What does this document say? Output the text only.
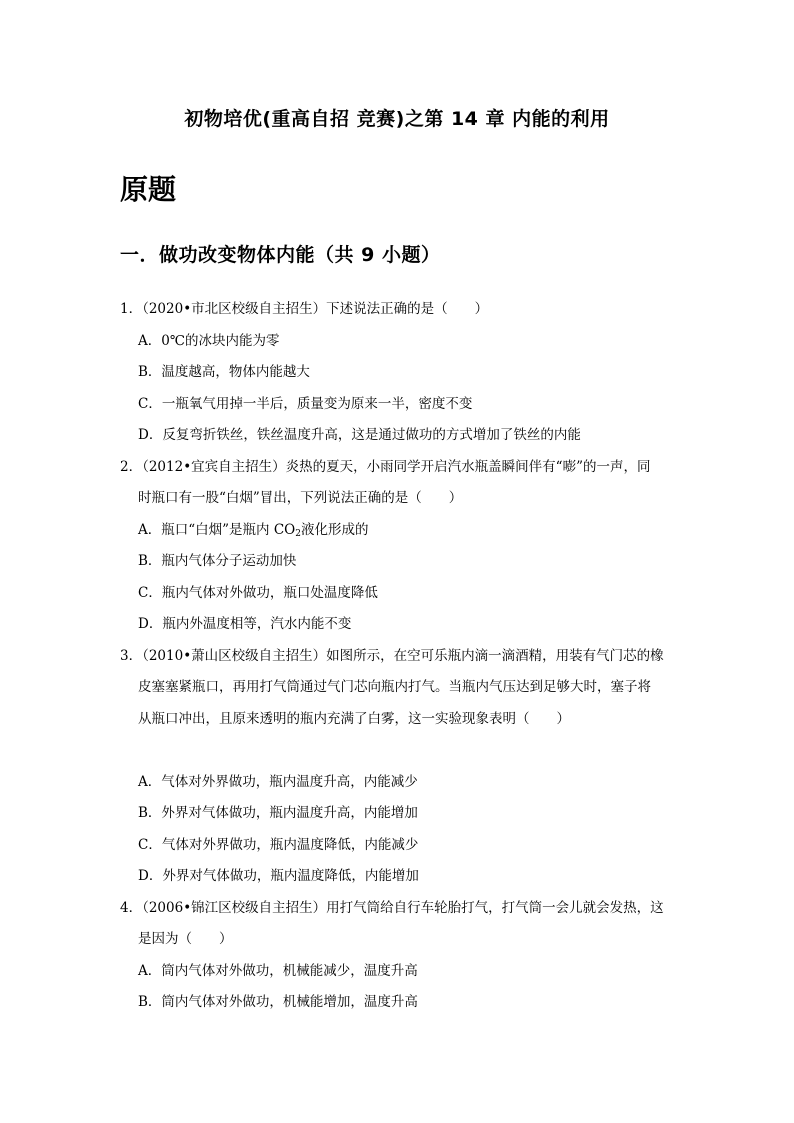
初物培优(重高自招 竞赛)之第 14 章 内能的利用
原题
一．做功改变物体内能（共 9 小题）

1．（2020•市北区校级自主招生）下述说法正确的是（　　）

A．0℃的冰块内能为零

B．温度越高，物体内能越大

C．一瓶氧气用掉一半后，质量变为原来一半，密度不变

D．反复弯折铁丝，铁丝温度升高，这是通过做功的方式增加了铁丝的内能

2．（2012•宜宾自主招生）炎热的夏天，小雨同学开启汽水瓶盖瞬间伴有“嘭”的一声，同
时瓶口有一股“白烟”冒出，下列说法正确的是（　　）

A．瓶口“白烟”是瓶内 $CO_2$液化形成的

B．瓶内气体分子运动加快

C．瓶内气体对外做功，瓶口处温度降低

D．瓶内外温度相等，汽水内能不变

3．（2010•萧山区校级自主招生）如图所示，在空可乐瓶内滴一滴酒精，用装有气门芯的橡
皮塞塞紧瓶口，再用打气筒通过气门芯向瓶内打气。当瓶内气压达到足够大时，塞子将
从瓶口冲出，且原来透明的瓶内充满了白雾，这一实验现象表明（　　）

A．气体对外界做功，瓶内温度升高，内能减少

B．外界对气体做功，瓶内温度升高，内能增加

C．气体对外界做功，瓶内温度降低，内能减少

D．外界对气体做功，瓶内温度降低，内能增加

4．（2006•锦江区校级自主招生）用打气筒给自行车轮胎打气，打气筒一会儿就会发热，这
是因为（　　）

A．筒内气体对外做功，机械能减少，温度升高

B．筒内气体对外做功，机械能增加，温度升高
